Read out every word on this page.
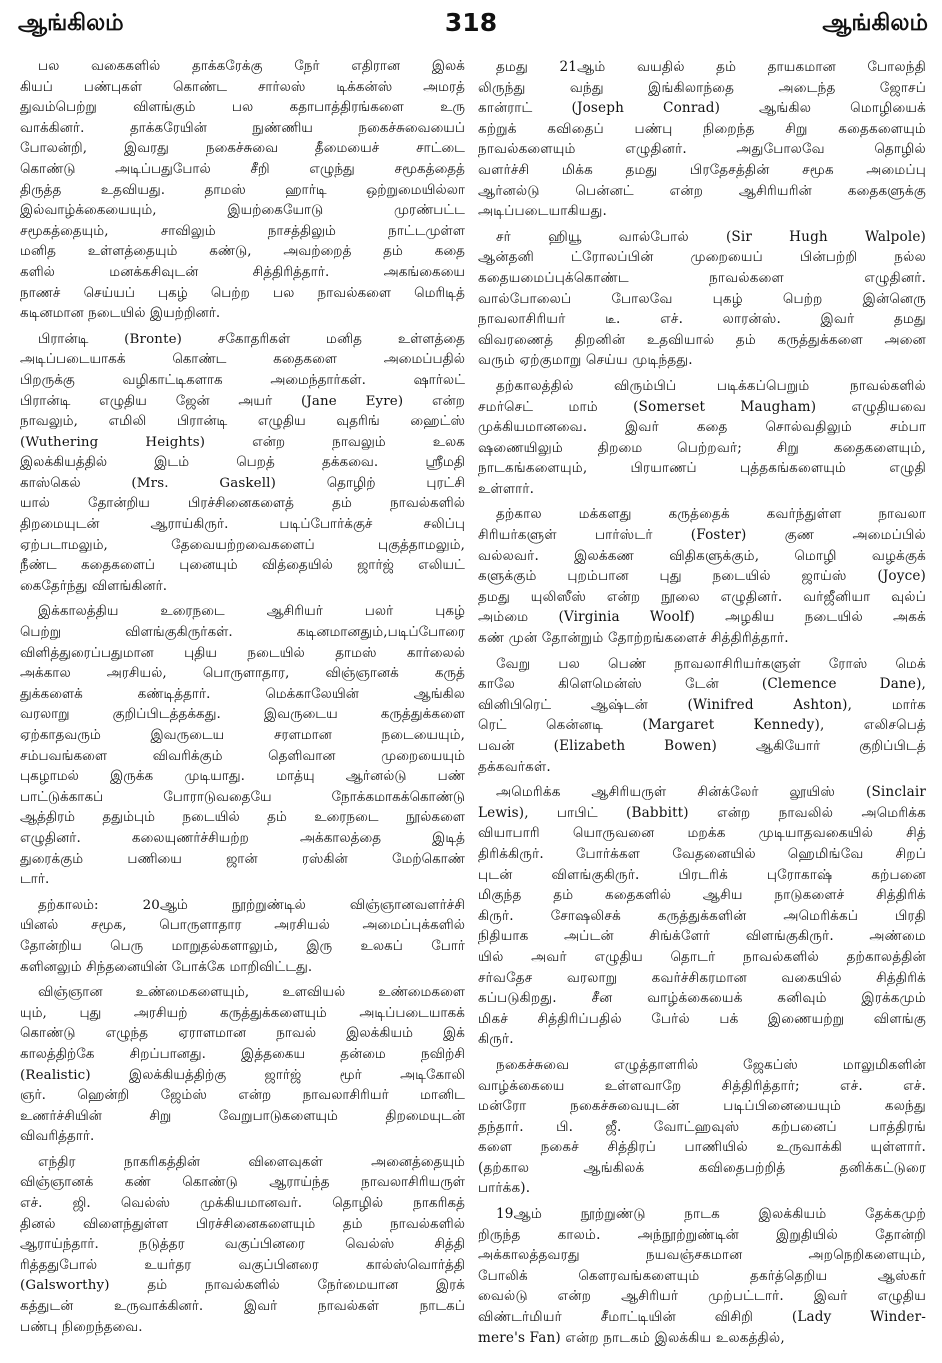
ஆங்கிலம்	318	ஆங்கிலம்
பல வகைகளில் தாக்கரேக்கு நேர் எதிரான இலக்
கியப் பண்புகள் கொண்ட சார்லஸ் டிக்கன்ஸ் அமரத்
துவம்பெற்று விளங்கும் பல கதாபாத்திரங்களை உரு
வாக்கினர். தாக்கரேயின் நுண்ணிய நகைச்சுவையைப்
போலன்றி, இவரது நகைச்சுவை தீமையைச் சாட்டை
கொண்டு அடிப்பதுபோல் சீறி எழுந்து சமூகத்தைத்
திருத்த உதவியது. தாமஸ் ஹார்டி ஒற்றுமையில்லா
இல்வாழ்க்கையையும், இயற்கையோடு முரண்பட்ட
சமூகத்தையும், சாவிலும் நாசத்திலும் நாட்டமுள்ள
மனித உள்ளத்தையும் கண்டு, அவற்றைத் தம் கதை
களில் மனக்கசிவுடன் சித்திரித்தார். அகங்கையை
நாணச் செய்யப் புகழ் பெற்ற பல நாவல்களை மெரிடித்
கடினமான நடையில் இயற்றினர்.
பிரான்டி (Bronte) சகோதரிகள் மனித உள்ளத்தை
அடிப்படையாகக் கொண்ட கதைகளை அமைப்பதில்
பிறருக்கு வழிகாட்டிகளாக அமைந்தார்கள். ஷார்லட்
பிரான்டி எழுதிய ஜேன் அயர் (Jane Eyre) என்ற
நாவலும், எமிலி பிரான்டி எழுதிய வுதரிங் ஹைட்ஸ்
(Wuthering Heights) என்ற நாவலும் உலக
இலக்கியத்தில் இடம் பெறத் தக்கவை. ஸ்ரீமதி
காஸ்கெல் (Mrs. Gaskell) தொழிற் புரட்சி
யால் தோன்றிய பிரச்சினைகளைத் தம் நாவல்களில்
திறமையுடன் ஆராய்கிருர். படிப்போர்க்குச் சலிப்பு
ஏற்படாமலும், தேவையற்றவைகளைப் புகுத்தாமலும்,
நீண்ட கதைகளைப் புனையும் வித்தையில் ஜார்ஜ் எலியட்
கைதேர்ந்து விளங்கினர்.
இக்காலத்திய உரைநடை ஆசிரியர் பலர் புகழ்
பெற்று விளங்குகிருர்கள். கடினமானதும்,படிப்போரை
விளித்துரைப்பதுமான புதிய நடையில் தாமஸ் கார்லைல்
அக்கால அரசியல், பொருளாதார, விஞ்ஞானக் கருத்
துக்களைக் கண்டித்தார். மெக்காலேயின் ஆங்கில
வரலாறு குறிப்பிடத்தக்கது. இவருடைய கருத்துக்களை
ஏற்காதவரும் இவருடைய சரளமான நடையையும்,
சம்பவங்களை விவரிக்கும் தெளிவான முறையையும்
புகழாமல் இருக்க முடியாது. மாத்யு ஆர்னல்டு பண்
பாட்டுக்காகப் போராடுவதையே நோக்கமாகக்கொண்டு
ஆத்திரம் ததும்பும் நடையில் தம் உரைநடை நூல்களை
எழுதினர். கலையுணர்ச்சியற்ற அக்காலத்தை இடித்
துரைக்கும் பணியை ஜான் ரஸ்கின் மேற்கொண்
டார்.
தற்காலம்: 20ஆம் நூற்றுண்டில் விஞ்ஞானவளர்ச்சி
யினல் சமூக, பொருளாதார அரசியல் அமைப்புக்களில்
தோன்றிய பெரு மாறுதல்களாலும், இரு உலகப் போர்
களினலும் சிந்தனையின் போக்கே மாறிவிட்டது.
விஞ்ஞான உண்மைகளையும், உளவியல் உண்மைகளை
யும், புது அரசியற் கருத்துக்களையும் அடிப்படையாகக்
கொண்டு எழுந்த ஏராளமான நாவல் இலக்கியம் இக்
காலத்திற்கே சிறப்பானது. இத்தகைய தன்மை நவிற்சி
(Realistic) இலக்கியத்திற்கு ஜார்ஜ் மூர் அடிகோலி
ஞர். ஹென்றி ஜேம்ஸ் என்ற நாவலாசிரியர் மானிட
உணர்ச்சியின் சிறு வேறுபாடுகளையும் திறமையுடன்
விவரித்தார்.
எந்திர நாகரிகத்தின் விளைவுகள் அனைத்தையும்
விஞ்ஞானக் கண் கொண்டு ஆராய்ந்த நாவலாசிரியருள்
எச். ஜி. வெல்ஸ் முக்கியமானவர். தொழில் நாகரிகத்
தினல் விளைந்துள்ள பிரச்சினைகளையும் தம் நாவல்களில்
ஆராய்ந்தார். நடுத்தர வகுப்பினரை வெல்ஸ் சித்தி
ரித்ததுபோல் உயர்தர வகுப்பினரை கால்ஸ்வொர்த்தி
(Galsworthy) தம் நாவல்களில் நேர்மையான இரக்
கத்துடன் உருவாக்கினர். இவர் நாவல்கள் நாடகப்
பண்பு நிறைந்தவை.
தமது 21ஆம் வயதில் தம் தாயகமான போலந்தி
லிருந்து வந்து இங்கிலாந்தை அடைந்த ஜோசப்
கான்ராட் (Joseph Conrad) ஆங்கில மொழியைக்
கற்றுக் கவிதைப் பண்பு நிறைந்த சிறு கதைகளையும்
நாவல்களையும் எழுதினர். அதுபோலவே தொழில்
வளர்ச்சி மிக்க தமது பிரதேசத்தின் சமூக அமைப்பு
ஆர்னல்டு பென்னட் என்ற ஆசிரியரின் கதைகளுக்கு
அடிப்படையாகியது.
சர் ஹியூ வால்போல் (Sir Hugh Walpole)
ஆன்தனி ட்ரோலப்பின் முறையைப் பின்பற்றி நல்ல
கதையமைப்புக்கொண்ட நாவல்களை எழுதினர்.
வால்போலைப் போலவே புகழ் பெற்ற இன்னெரு
நாவலாசிரியர் டீ. எச். லாரன்ஸ். இவர் தமது
விவரணைத் திறனின் உதவியால் தம் கருத்துக்களை அனை
வரும் ஏற்குமாறு செய்ய முடிந்தது.
தற்காலத்தில் விரும்பிப் படிக்கப்பெறும் நாவல்களில்
சமர்செட் மாம் (Somerset Maugham) எழுதியவை
முக்கியமானவை. இவர் கதை சொல்வதிலும் சம்பா
ஷணையிலும் திறமை பெற்றவர்; சிறு கதைகளையும்,
நாடகங்களையும், பிரயாணப் புத்தகங்களையும் எழுதி
உள்ளார்.
தற்கால மக்களது கருத்தைக் கவர்ந்துள்ள நாவலா
சிரியர்களுள் பார்ஸ்டர் (Foster) குண அமைப்பில்
வல்லவர். இலக்கண விதிகளுக்கும், மொழி வழக்குக்
களுக்கும் புறம்பான புது நடையில் ஜாய்ஸ் (Joyce)
தமது யுலிஸீஸ் என்ற நூலை எழுதினர். வர்ஜீனியா வுல்ப்
அம்மை (Virginia Woolf) அழகிய நடையில் அகக்
கண் முன் தோன்றும் தோற்றங்களைச் சித்திரித்தார்.
வேறு பல பெண் நாவலாசிரியர்களுள் ரோஸ் மெக்
காலே கிளெமென்ஸ் டேன் (Clemence Dane),
வினிபிரெட் ஆஷ்டன் (Winifred Ashton), மார்க
ரெட் கென்னடி (Margaret Kennedy), எலிசபெத்
பவன் (Elizabeth Bowen) ஆகியோர் குறிப்பிடத்
தக்கவர்கள்.
அமெரிக்க ஆசிரியருள் சின்க்லேர் லூயிஸ் (Sinclair
Lewis), பாபிட் (Babbitt) என்ற நாவலில் அமெரிக்க
வியாபாரி யொருவனை மறக்க முடியாதவகையில் சித்
திரிக்கிருர். போர்க்கள வேதனையில் ஹெமிங்வே சிறப்
புடன் விளங்குகிருர். பிரடரிக் புரோகாஷ் கற்பனை
மிகுந்த தம் கதைகளில் ஆசிய நாடுகளைச் சித்திரிக்
கிருர். சோஷலிசக் கருத்துக்களின் அமெரிக்கப் பிரதி
நிதியாக அப்டன் சிங்க்ளேர் விளங்குகிருர். அண்மை
யில் அவர் எழுதிய தொடர் நாவல்களில் தற்காலத்தின்
சர்வதேச வரலாறு கவர்ச்சிகரமான வகையில் சித்திரிக்
கப்படுகிறது. சீன வாழ்க்கையைக் கனிவும் இரக்கமும்
மிகச் சித்திரிப்பதில் பேர்ல் பக் இணையற்று விளங்கு
கிருர்.
நகைச்சுவை எழுத்தாளரில் ஜேகப்ஸ் மாலுமிகளின்
வாழ்க்கையை உள்ளவாறே சித்திரித்தார்; எச். எச்.
மன்ரோ நகைச்சுவையுடன் படிப்பினையையும் கலந்து
தந்தார். பி. ஜீ. வோட்ஹவுஸ் கற்பனைப் பாத்திரங்
களை நகைச் சித்திரப் பாணியில் உருவாக்கி யுள்ளார்.
(தற்கால ஆங்கிலக் கவிதைபற்றித் தனிக்கட்டுரை
பார்க்க).
19ஆம் நூற்றுண்டு நாடக இலக்கியம் தேக்கமுற்
றிருந்த காலம். அந்நூற்றுண்டின் இறுதியில் தோன்றி
அக்காலத்தவரது நயவஞ்சகமான அறநெறிகளையும்,
போலிக் கௌரவங்களையும் தகர்த்தெறிய ஆஸ்கர்
வைல்டு என்ற ஆசிரியர் முற்பட்டார். இவர் எழுதிய
விண்டர்மியர் சீமாட்டியின் விசிறி (Lady Winder-
mere's Fan) என்ற நாடகம் இலக்கிய உலகத்தில்,
